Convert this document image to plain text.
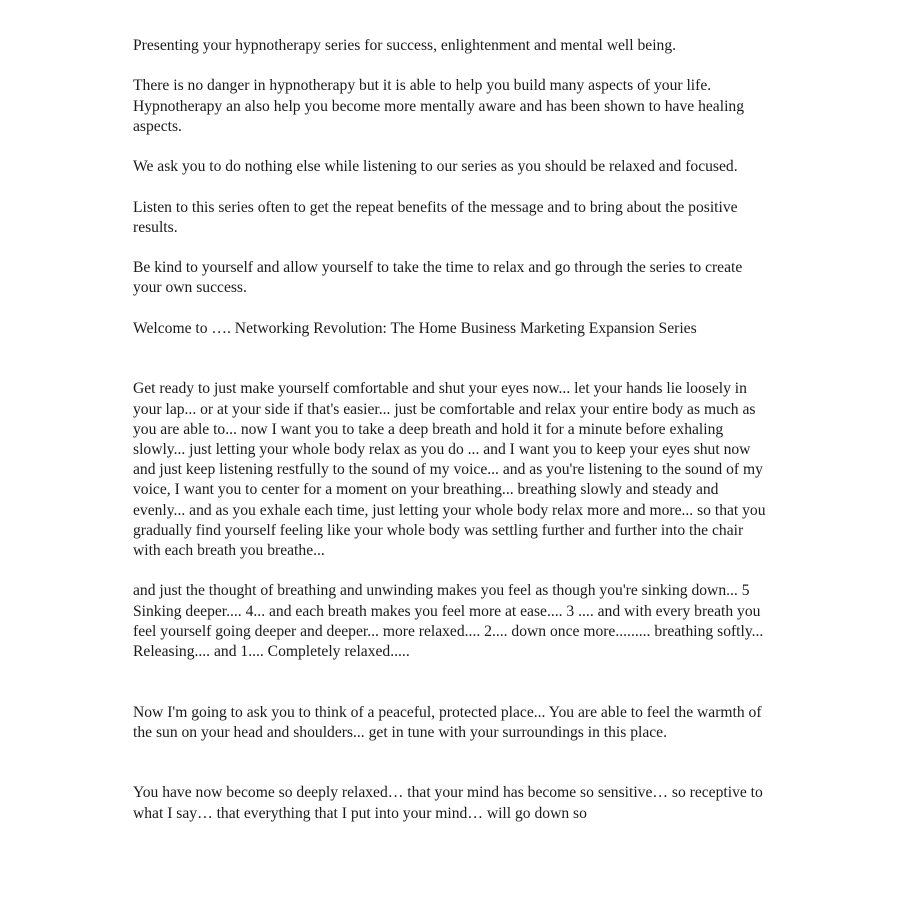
Presenting your hypnotherapy series for success, enlightenment and mental well being.

There is no danger in hypnotherapy but it is able to help you build many aspects of your life. Hypnotherapy an also help you become more mentally aware and has been shown to have healing aspects.

We ask you to do nothing else while listening to our series as you should be relaxed and focused.

Listen to this series often to get the repeat benefits of the message and to bring about the positive results.

Be kind to yourself and allow yourself to take the time to relax and go through the series to create your own success.

Welcome to …. Networking Revolution: The Home Business Marketing Expansion Series

Get ready to just make yourself comfortable and shut your eyes now... let your hands lie loosely in your lap... or at your side if that's easier... just be comfortable and relax your entire body as much as you are able to... now I want you to take a deep breath and hold it for a minute before exhaling slowly... just letting your whole body relax as you do ... and I want you to keep your eyes shut now and just keep listening restfully to the sound of my voice... and as you're listening to the sound of my voice, I want you to center for a moment on your breathing... breathing slowly and steady and evenly... and as you exhale each time, just letting your whole body relax more and more... so that you gradually find yourself feeling like your whole body was settling further and further into the chair with each breath you breathe...

and just the thought of breathing and unwinding makes you feel as though you're sinking down... 5 Sinking deeper.... 4... and each breath makes you feel more at ease.... 3 .... and with every breath you feel yourself going deeper and deeper... more relaxed.... 2.... down once more......... breathing softly... Releasing.... and 1.... Completely relaxed.....

Now I'm going to ask you to think of a peaceful, protected place... You are able to feel the warmth of the sun on your head and shoulders... get in tune with your surroundings in this place.

You have now become so deeply relaxed… that your mind has become so sensitive… so receptive to what I say… that everything that I put into your mind… will go down so
